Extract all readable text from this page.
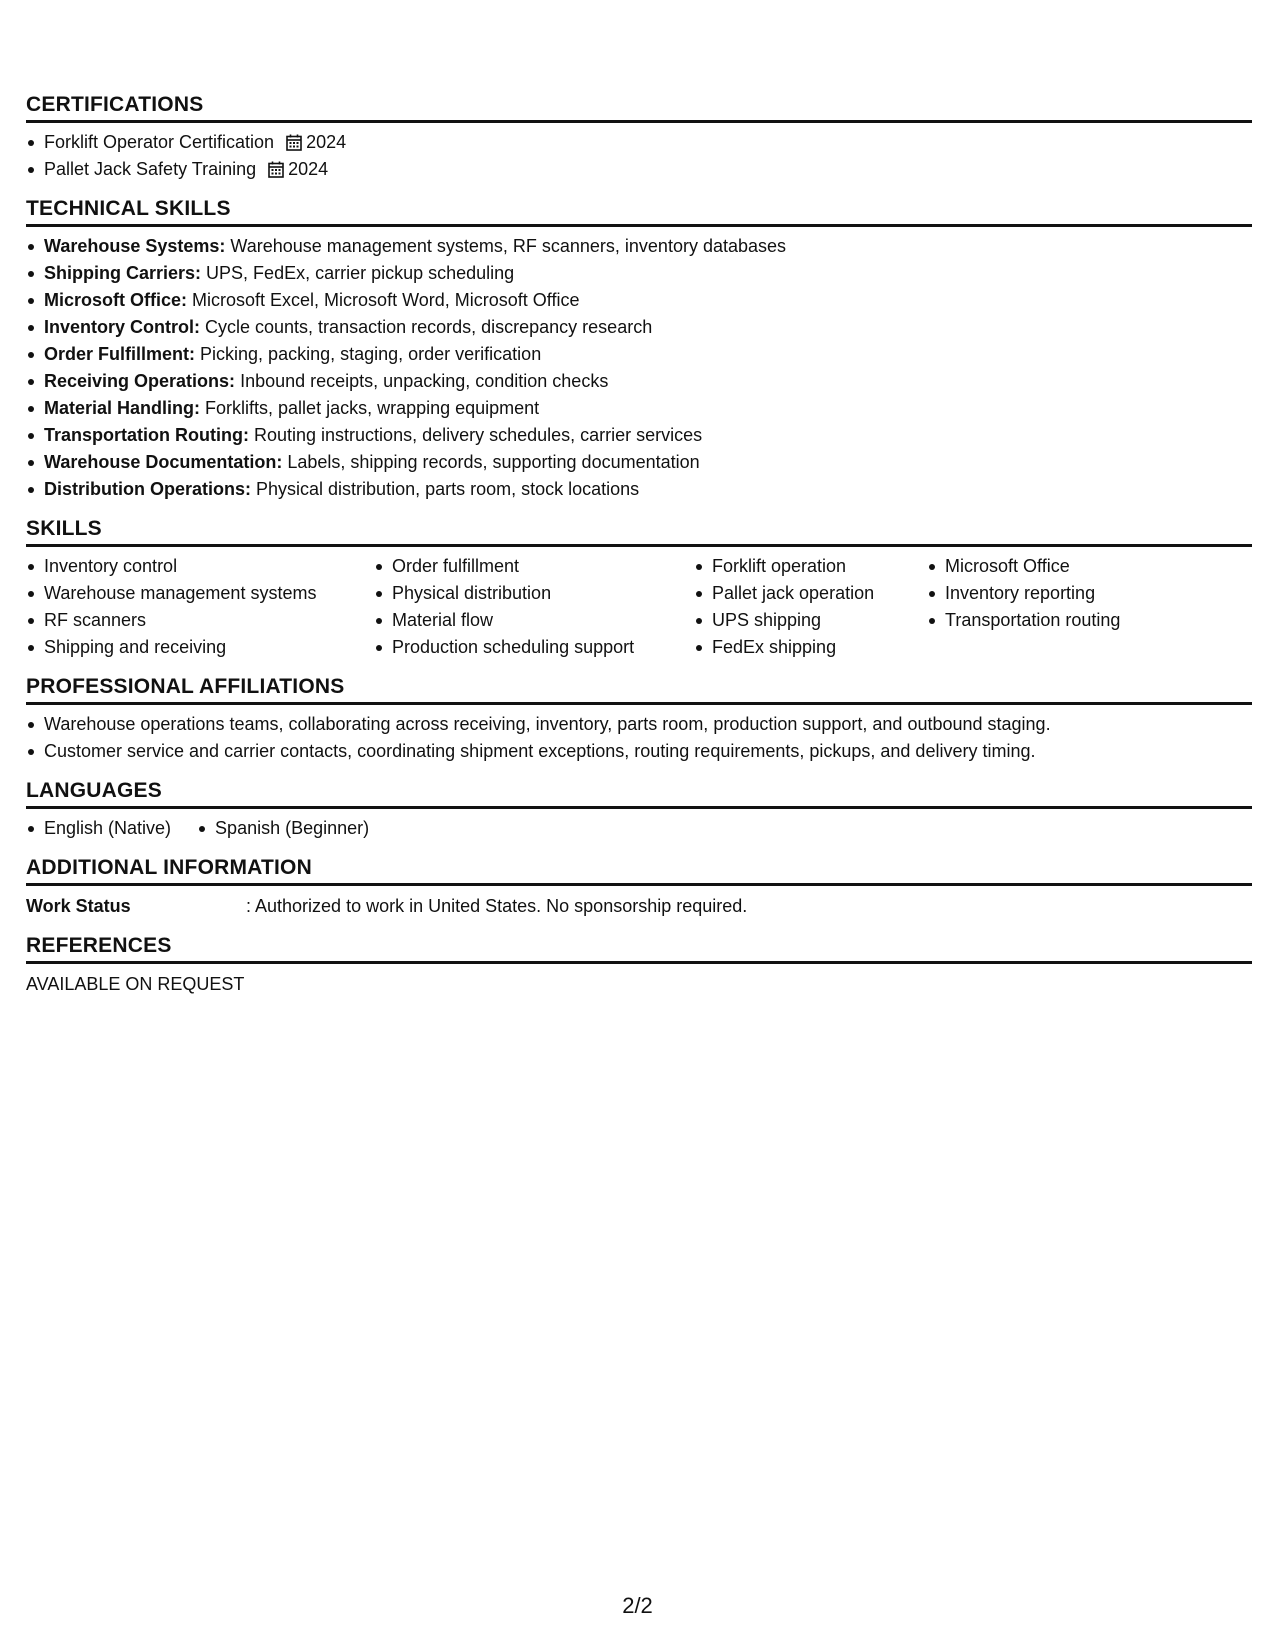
CERTIFICATIONS
Forklift Operator Certification 2024
Pallet Jack Safety Training 2024
TECHNICAL SKILLS
Warehouse Systems: Warehouse management systems, RF scanners, inventory databases
Shipping Carriers: UPS, FedEx, carrier pickup scheduling
Microsoft Office: Microsoft Excel, Microsoft Word, Microsoft Office
Inventory Control: Cycle counts, transaction records, discrepancy research
Order Fulfillment: Picking, packing, staging, order verification
Receiving Operations: Inbound receipts, unpacking, condition checks
Material Handling: Forklifts, pallet jacks, wrapping equipment
Transportation Routing: Routing instructions, delivery schedules, carrier services
Warehouse Documentation: Labels, shipping records, supporting documentation
Distribution Operations: Physical distribution, parts room, stock locations
SKILLS
Inventory control
Warehouse management systems
RF scanners
Shipping and receiving
Order fulfillment
Physical distribution
Material flow
Production scheduling support
Forklift operation
Pallet jack operation
UPS shipping
FedEx shipping
Microsoft Office
Inventory reporting
Transportation routing
PROFESSIONAL AFFILIATIONS
Warehouse operations teams, collaborating across receiving, inventory, parts room, production support, and outbound staging.
Customer service and carrier contacts, coordinating shipment exceptions, routing requirements, pickups, and delivery timing.
LANGUAGES
English (Native) Spanish (Beginner)
ADDITIONAL INFORMATION
Work Status	: Authorized to work in United States. No sponsorship required.
REFERENCES
AVAILABLE ON REQUEST
2/2
